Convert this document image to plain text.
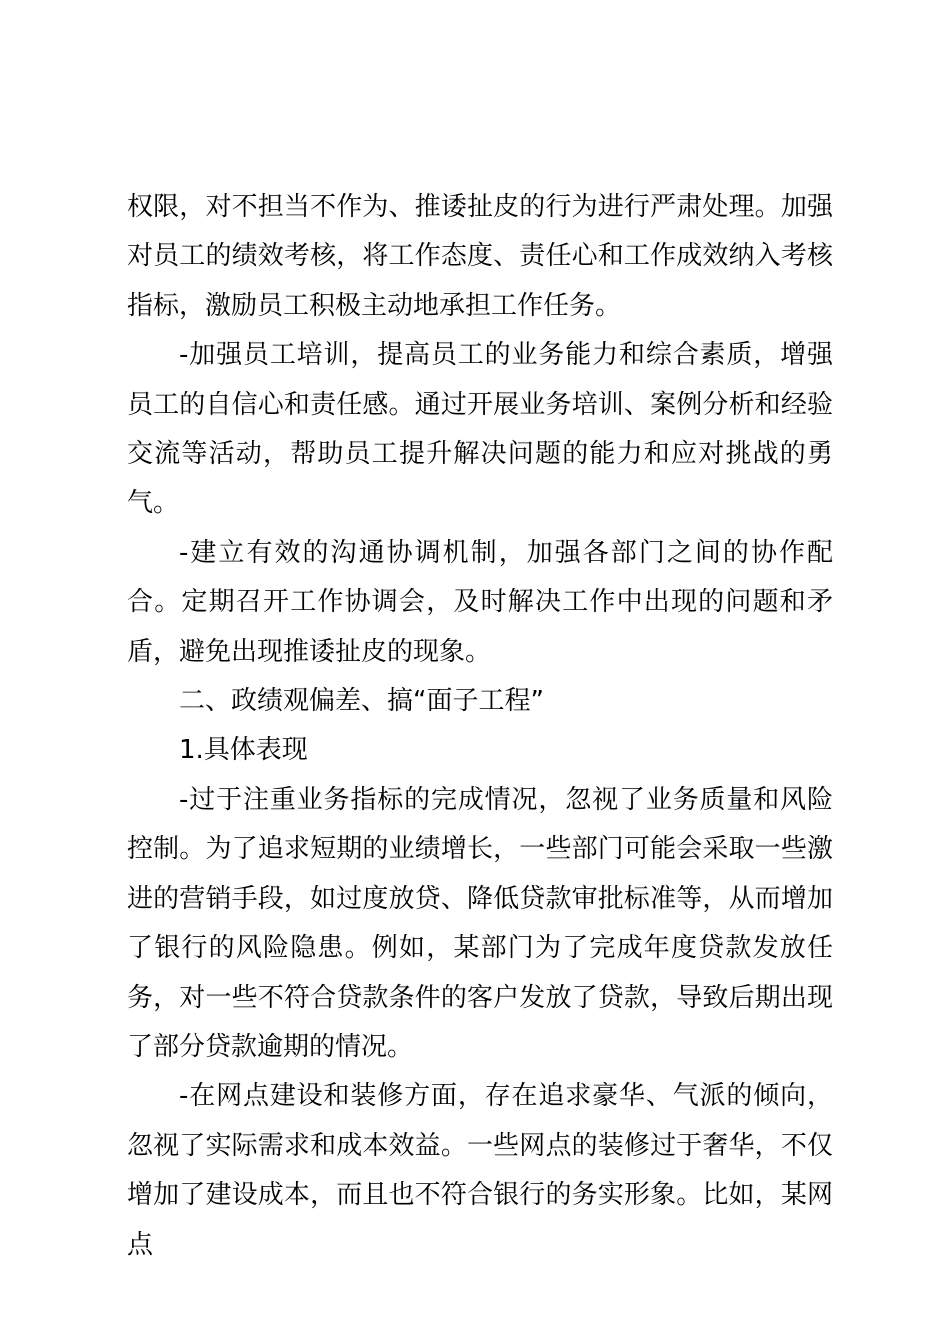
权限，对不担当不作为、推诿扯皮的行为进行严肃处理。加强对员工的绩效考核，将工作态度、责任心和工作成效纳入考核指标，激励员工积极主动地承担工作任务。

-加强员工培训，提高员工的业务能力和综合素质，增强员工的自信心和责任感。通过开展业务培训、案例分析和经验交流等活动，帮助员工提升解决问题的能力和应对挑战的勇气。

-建立有效的沟通协调机制，加强各部门之间的协作配合。定期召开工作协调会，及时解决工作中出现的问题和矛盾，避免出现推诿扯皮的现象。

二、政绩观偏差、搞“面子工程”

1.具体表现

-过于注重业务指标的完成情况，忽视了业务质量和风险控制。为了追求短期的业绩增长，一些部门可能会采取一些激进的营销手段，如过度放贷、降低贷款审批标准等，从而增加了银行的风险隐患。例如，某部门为了完成年度贷款发放任务，对一些不符合贷款条件的客户发放了贷款，导致后期出现了部分贷款逾期的情况。

-在网点建设和装修方面，存在追求豪华、气派的倾向，忽视了实际需求和成本效益。一些网点的装修过于奢华，不仅增加了建设成本，而且也不符合银行的务实形象。比如，某网点
